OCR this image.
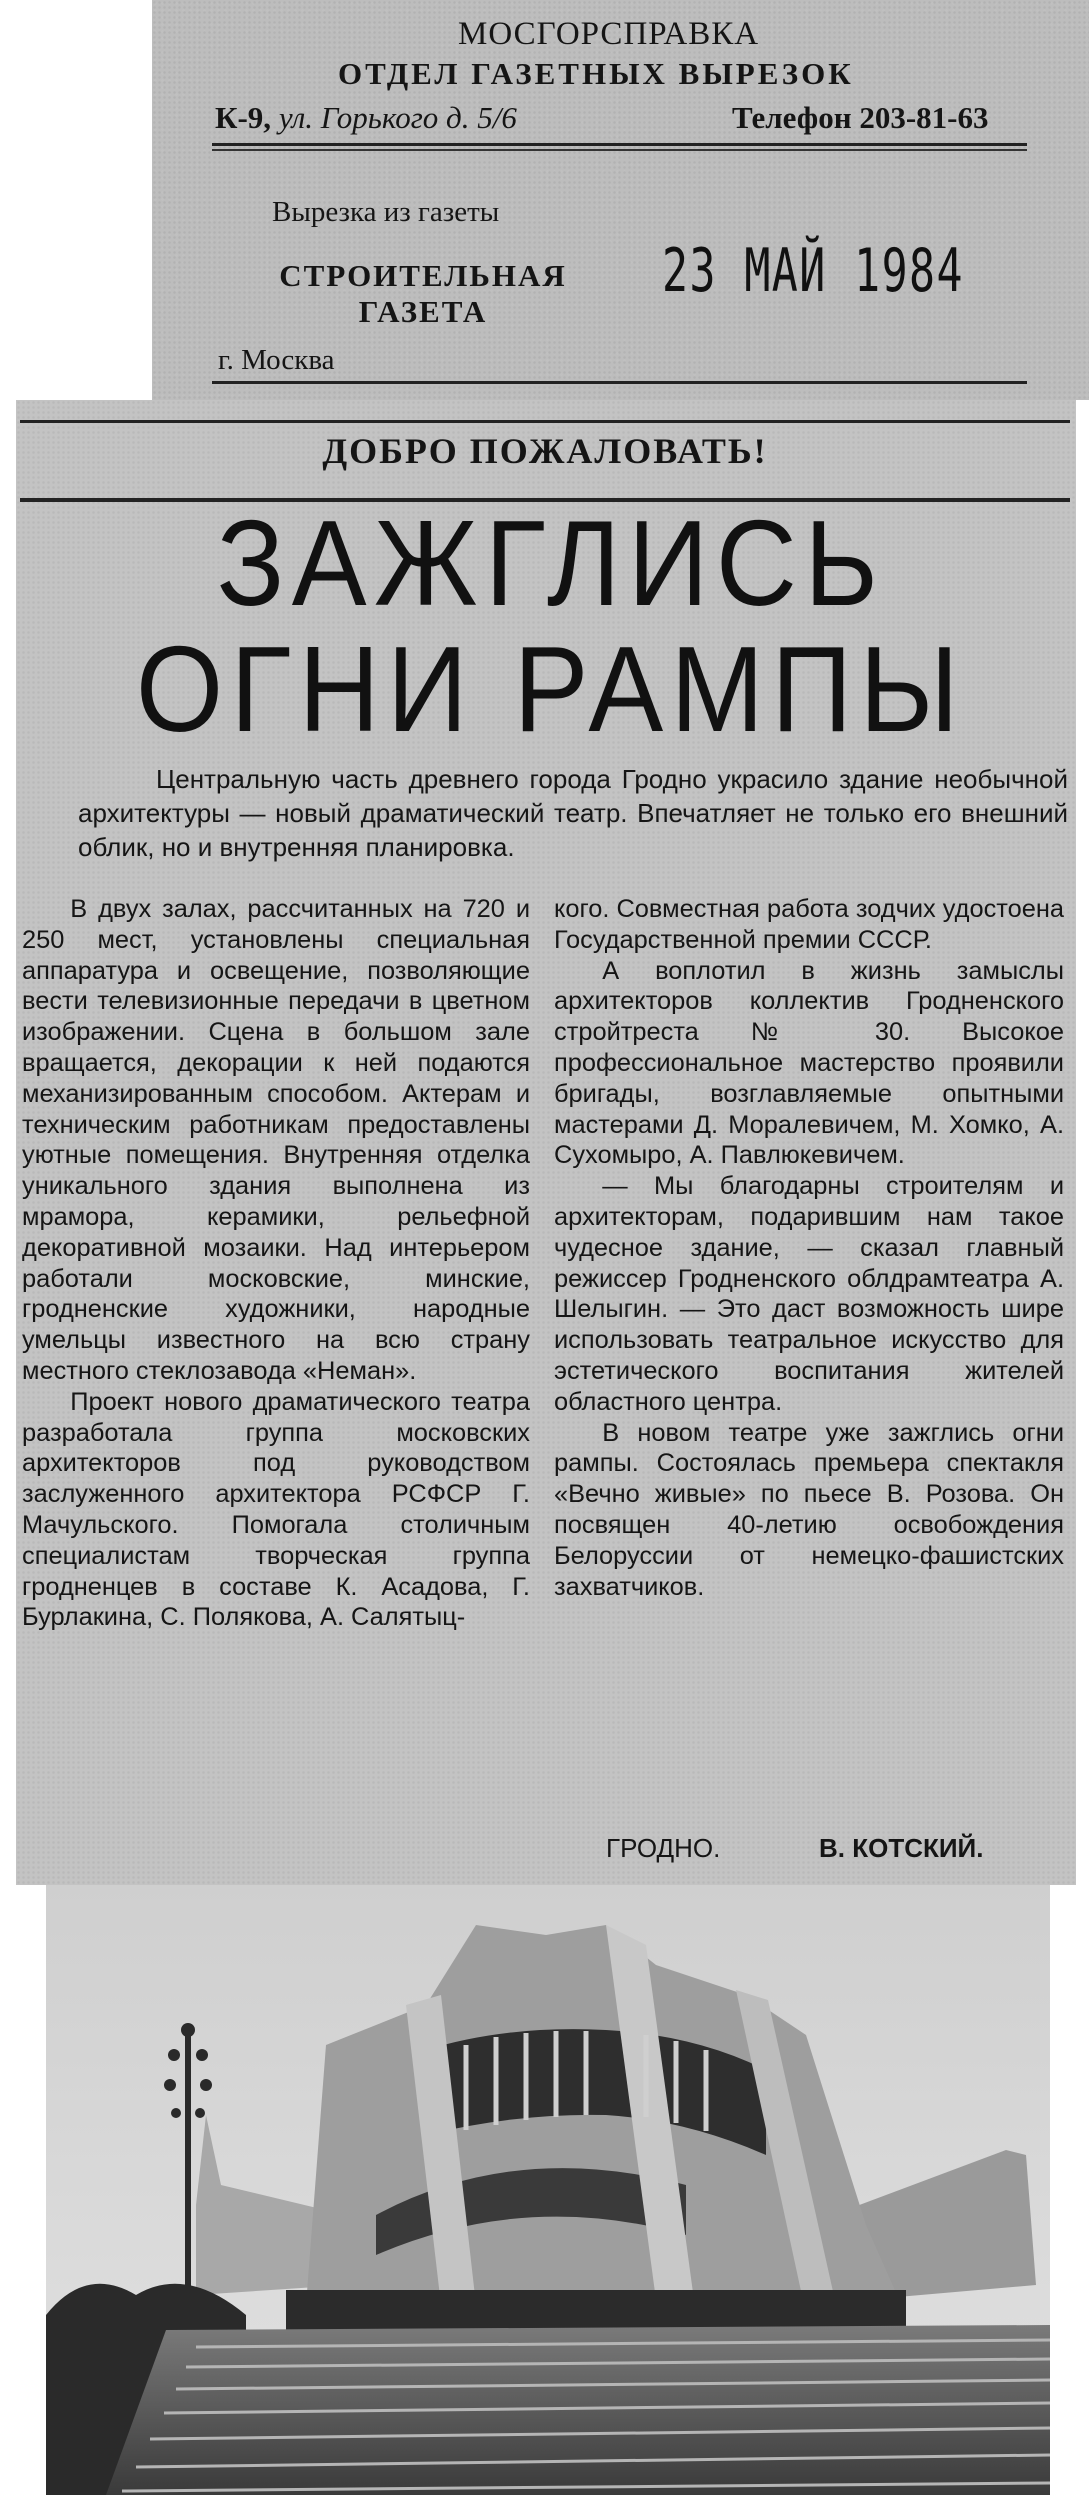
МОСГОРСПРАВКА
ОТДЕЛ ГАЗЕТНЫХ ВЫРЕЗОК
К-9, ул. Горького д. 5/6	Телефон 203-81-63
Вырезка из газеты
СТРОИТЕЛЬНАЯ
ГАЗЕТА
23 МАЙ 1984
г. Москва
ДОБРО ПОЖАЛОВАТЬ!
ЗАЖГЛИСЬ
ОГНИ РАМПЫ
Центральную часть древнего города Гродно украсило здание необычной архитектуры — новый драматический театр. Впечатляет не только его внешний облик, но и внутренняя планировка.

В двух залах, рассчитанных на 720 и 250 мест, установлены специальная аппаратура и освещение, позволяющие вести телевизионные передачи в цветном изображении. Сцена в большом зале вращается, декорации к ней подаются механизированным способом. Актерам и техническим работникам предоставлены уютные помещения. Внутренняя отделка уникального здания выполнена из мрамора, керамики, рельефной декоративной мозаики. Над интерьером работали московские, минские, гродненские художники, народные умельцы известного на всю страну местного стеклозавода «Неман».

Проект нового драматического театра разработала группа московских архитекторов под руководством заслуженного архитектора РСФСР Г. Мачульского. Помогала столичным специалистам творческая группа гродненцев в составе К. Асадова, Г. Бурлакина, С. Полякова, А. Салятыц-

кого. Совместная работа зодчих удостоена Государственной премии СССР.

А воплотил в жизнь замыслы архитекторов коллектив Гродненского стройтреста № 30. Высокое профессиональное мастерство проявили бригады, возглавляемые опытными мастерами Д. Моралевичем, М. Хомко, А. Сухомыро, А. Павлюкевичем.

— Мы благодарны строителям и архитекторам, подарившим нам такое чудесное здание, — сказал главный режиссер Гродненского облдрамтеатра А. Шелыгин. — Это даст возможность шире использовать театральное искусство для эстетического воспитания жителей областного центра.

В новом театре уже зажглись огни рампы. Состоялась премьера спектакля «Вечно живые» по пьесе В. Розова. Он посвящен 40-летию освобождения Белоруссии от немецко-фашистских захватчиков.

ГРОДНО.	В. КОТСКИЙ.
